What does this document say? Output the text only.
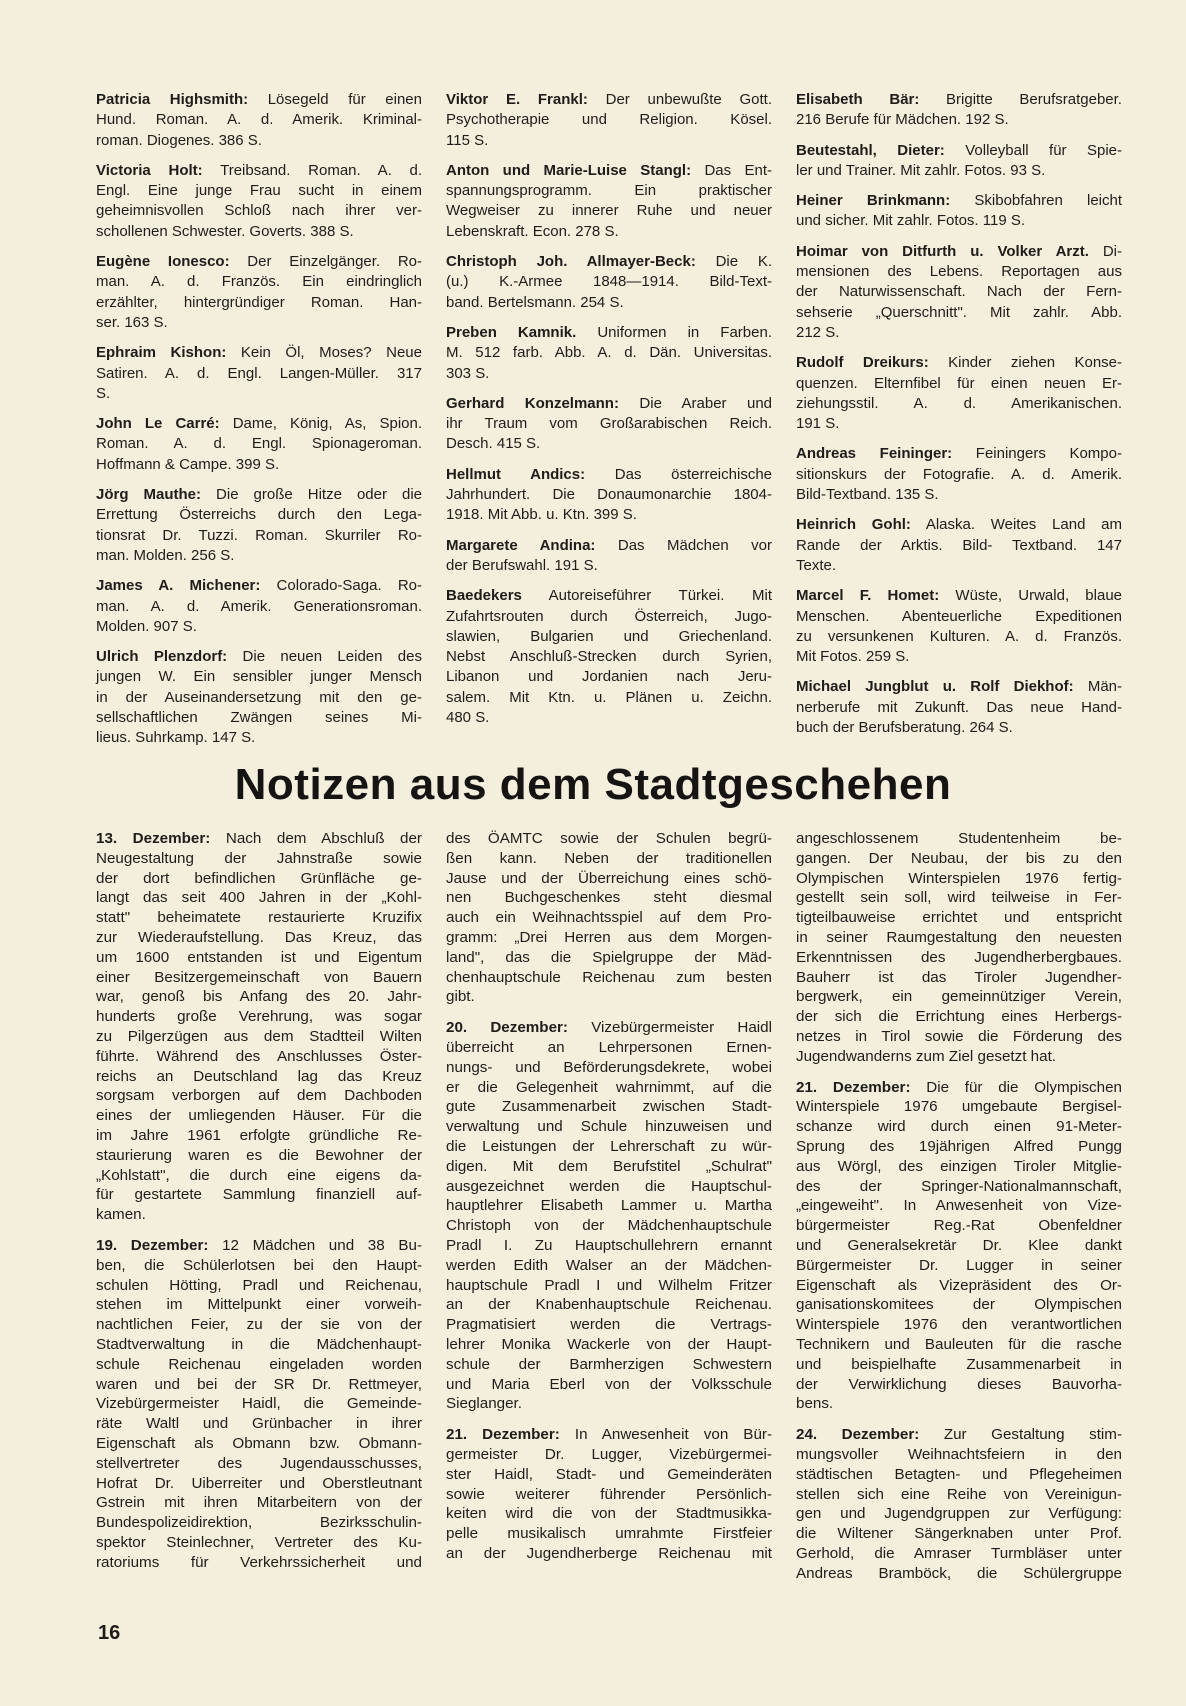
Patricia Highsmith: Lösegeld für einen
Hund. Roman. A. d. Amerik. Kriminal-
roman. Diogenes. 386 S.
Victoria Holt: Treibsand. Roman. A. d.
Engl. Eine junge Frau sucht in einem
geheimnisvollen Schloß nach ihrer ver-
schollenen Schwester. Goverts. 388 S.
Eugène Ionesco: Der Einzelgänger. Ro-
man. A. d. Französ. Ein eindringlich
erzählter, hintergründiger Roman. Han-
ser. 163 S.
Ephraim Kishon: Kein Öl, Moses? Neue
Satiren. A. d. Engl. Langen-Müller. 317
S.
John Le Carré: Dame, König, As, Spion.
Roman. A. d. Engl. Spionageroman.
Hoffmann & Campe. 399 S.
Jörg Mauthe: Die große Hitze oder die
Errettung Österreichs durch den Lega-
tionsrat Dr. Tuzzi. Roman. Skurriler Ro-
man. Molden. 256 S.
James A. Michener: Colorado-Saga. Ro-
man. A. d. Amerik. Generationsroman.
Molden. 907 S.
Ulrich Plenzdorf: Die neuen Leiden des
jungen W. Ein sensibler junger Mensch
in der Auseinandersetzung mit den ge-
sellschaftlichen Zwängen seines Mi-
lieus. Suhrkamp. 147 S.
Viktor E. Frankl: Der unbewußte Gott.
Psychotherapie und Religion. Kösel.
115 S.
Anton und Marie-Luise Stangl: Das Ent-
spannungsprogramm. Ein praktischer
Wegweiser zu innerer Ruhe und neuer
Lebenskraft. Econ. 278 S.
Christoph Joh. Allmayer-Beck: Die K.
(u.) K.-Armee 1848—1914. Bild-Text-
band. Bertelsmann. 254 S.
Preben Kamnik. Uniformen in Farben.
M. 512 farb. Abb. A. d. Dän. Universitas.
303 S.
Gerhard Konzelmann: Die Araber und
ihr Traum vom Großarabischen Reich.
Desch. 415 S.
Hellmut Andics: Das österreichische
Jahrhundert. Die Donaumonarchie 1804-
1918. Mit Abb. u. Ktn. 399 S.
Margarete Andina: Das Mädchen vor
der Berufswahl. 191 S.
Baedekers Autoreiseführer Türkei. Mit
Zufahrtsrouten durch Österreich, Jugo-
slawien, Bulgarien und Griechenland.
Nebst Anschluß-Strecken durch Syrien,
Libanon und Jordanien nach Jeru-
salem. Mit Ktn. u. Plänen u. Zeichn.
480 S.
Elisabeth Bär: Brigitte Berufsratgeber.
216 Berufe für Mädchen. 192 S.
Beutestahl, Dieter: Volleyball für Spie-
ler und Trainer. Mit zahlr. Fotos. 93 S.
Heiner Brinkmann: Skibobfahren leicht
und sicher. Mit zahlr. Fotos. 119 S.
Hoimar von Ditfurth u. Volker Arzt. Di-
mensionen des Lebens. Reportagen aus
der Naturwissenschaft. Nach der Fern-
sehserie „Querschnitt". Mit zahlr. Abb.
212 S.
Rudolf Dreikurs: Kinder ziehen Konse-
quenzen. Elternfibel für einen neuen Er-
ziehungsstil. A. d. Amerikanischen.
191 S.
Andreas Feininger: Feiningers Kompo-
sitionskurs der Fotografie. A. d. Amerik.
Bild-Textband. 135 S.
Heinrich Gohl: Alaska. Weites Land am
Rande der Arktis. Bild- Textband. 147
Texte.
Marcel F. Homet: Wüste, Urwald, blaue
Menschen. Abenteuerliche Expeditionen
zu versunkenen Kulturen. A. d. Französ.
Mit Fotos. 259 S.
Michael Jungblut u. Rolf Diekhof: Män-
nerberufe mit Zukunft. Das neue Hand-
buch der Berufsberatung. 264 S.
Notizen aus dem Stadtgeschehen
13. Dezember: Nach dem Abschluß der
Neugestaltung der Jahnstraße sowie
der dort befindlichen Grünfläche ge-
langt das seit 400 Jahren in der „Kohl-
statt" beheimatete restaurierte Kruzifix
zur Wiederaufstellung. Das Kreuz, das
um 1600 entstanden ist und Eigentum
einer Besitzergemeinschaft von Bauern
war, genoß bis Anfang des 20. Jahr-
hunderts große Verehrung, was sogar
zu Pilgerzügen aus dem Stadtteil Wilten
führte. Während des Anschlusses Öster-
reichs an Deutschland lag das Kreuz
sorgsam verborgen auf dem Dachboden
eines der umliegenden Häuser. Für die
im Jahre 1961 erfolgte gründliche Re-
staurierung waren es die Bewohner der
„Kohlstatt", die durch eine eigens da-
für gestartete Sammlung finanziell auf-
kamen.
19. Dezember: 12 Mädchen und 38 Bu-
ben, die Schülerlotsen bei den Haupt-
schulen Hötting, Pradl und Reichenau,
stehen im Mittelpunkt einer vorweih-
nachtlichen Feier, zu der sie von der
Stadtverwaltung in die Mädchenhaupt-
schule Reichenau eingeladen worden
waren und bei der SR Dr. Rettmeyer,
Vizebürgermeister Haidl, die Gemeinde-
räte Waltl und Grünbacher in ihrer
Eigenschaft als Obmann bzw. Obmann-
stellvertreter des Jugendausschusses,
Hofrat Dr. Uiberreiter und Oberstleutnant
Gstrein mit ihren Mitarbeitern von der
Bundespolizeidirektion, Bezirksschulin-
spektor Steinlechner, Vertreter des Ku-
ratoriums für Verkehrssicherheit und
des ÖAMTC sowie der Schulen begrü-
ßen kann. Neben der traditionellen
Jause und der Überreichung eines schö-
nen Buchgeschenkes steht diesmal
auch ein Weihnachtsspiel auf dem Pro-
gramm: „Drei Herren aus dem Morgen-
land", das die Spielgruppe der Mäd-
chenhauptschule Reichenau zum besten
gibt.
20. Dezember: Vizebürgermeister Haidl
überreicht an Lehrpersonen Ernen-
nungs- und Beförderungsdekrete, wobei
er die Gelegenheit wahrnimmt, auf die
gute Zusammenarbeit zwischen Stadt-
verwaltung und Schule hinzuweisen und
die Leistungen der Lehrerschaft zu wür-
digen. Mit dem Berufstitel „Schulrat"
ausgezeichnet werden die Hauptschul-
hauptlehrer Elisabeth Lammer u. Martha
Christoph von der Mädchenhauptschule
Pradl I. Zu Hauptschullehrern ernannt
werden Edith Walser an der Mädchen-
hauptschule Pradl I und Wilhelm Fritzer
an der Knabenhauptschule Reichenau.
Pragmatisiert werden die Vertrags-
lehrer Monika Wackerle von der Haupt-
schule der Barmherzigen Schwestern
und Maria Eberl von der Volksschule
Sieglanger.
21. Dezember: In Anwesenheit von Bür-
germeister Dr. Lugger, Vizebürgermei-
ster Haidl, Stadt- und Gemeinderäten
sowie weiterer führender Persönlich-
keiten wird die von der Stadtmusikka-
pelle musikalisch umrahmte Firstfeier
an der Jugendherberge Reichenau mit
angeschlossenem Studentenheim be-
gangen. Der Neubau, der bis zu den
Olympischen Winterspielen 1976 fertig-
gestellt sein soll, wird teilweise in Fer-
tigteilbauweise errichtet und entspricht
in seiner Raumgestaltung den neuesten
Erkenntnissen des Jugendherbergbaues.
Bauherr ist das Tiroler Jugendher-
bergwerk, ein gemeinnütziger Verein,
der sich die Errichtung eines Herbergs-
netzes in Tirol sowie die Förderung des
Jugendwanderns zum Ziel gesetzt hat.
21. Dezember: Die für die Olympischen
Winterspiele 1976 umgebaute Bergisel-
schanze wird durch einen 91-Meter-
Sprung des 19jährigen Alfred Pungg
aus Wörgl, des einzigen Tiroler Mitglie-
des der Springer-Nationalmannschaft,
„eingeweiht". In Anwesenheit von Vize-
bürgermeister Reg.-Rat Obenfeldner
und Generalsekretär Dr. Klee dankt
Bürgermeister Dr. Lugger in seiner
Eigenschaft als Vizepräsident des Or-
ganisationskomitees der Olympischen
Winterspiele 1976 den verantwortlichen
Technikern und Bauleuten für die rasche
und beispielhafte Zusammenarbeit in
der Verwirklichung dieses Bauvorha-
bens.
24. Dezember: Zur Gestaltung stim-
mungsvoller Weihnachtsfeiern in den
städtischen Betagten- und Pflegeheimen
stellen sich eine Reihe von Vereinigun-
gen und Jugendgruppen zur Verfügung:
die Wiltener Sängerknaben unter Prof.
Gerhold, die Amraser Turmbläser unter
Andreas Bramböck, die Schülergruppe
16
